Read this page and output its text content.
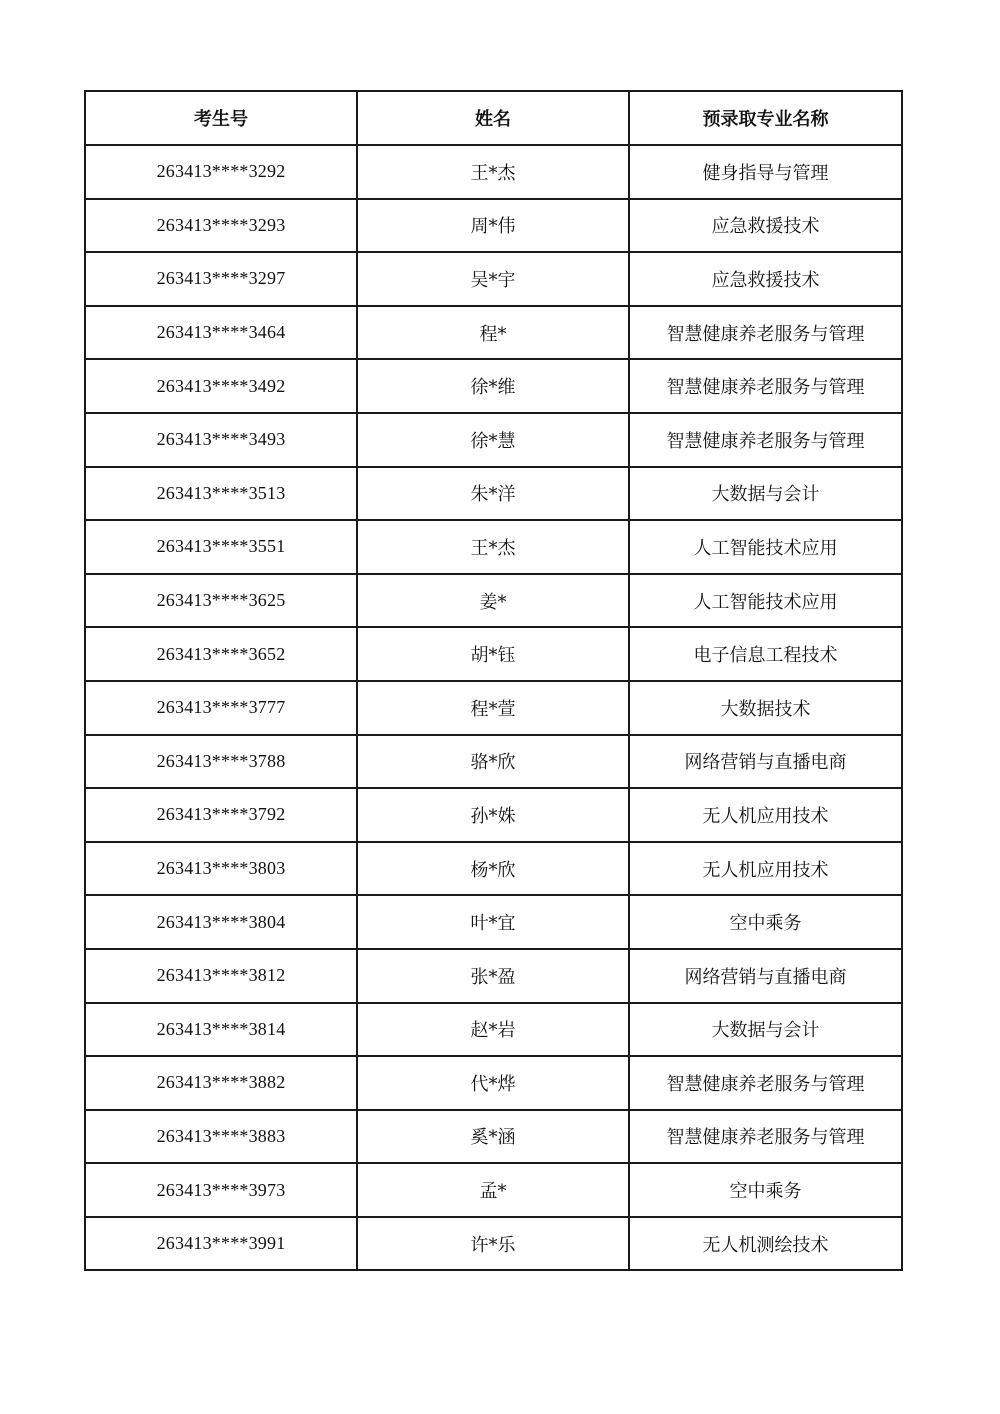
考生号	姓名	预录取专业名称
263413****3292	王*杰	健身指导与管理
263413****3293	周*伟	应急救援技术
263413****3297	吴*宇	应急救援技术
263413****3464	程*	智慧健康养老服务与管理
263413****3492	徐*维	智慧健康养老服务与管理
263413****3493	徐*慧	智慧健康养老服务与管理
263413****3513	朱*洋	大数据与会计
263413****3551	王*杰	人工智能技术应用
263413****3625	姜*	人工智能技术应用
263413****3652	胡*钰	电子信息工程技术
263413****3777	程*萱	大数据技术
263413****3788	骆*欣	网络营销与直播电商
263413****3792	孙*姝	无人机应用技术
263413****3803	杨*欣	无人机应用技术
263413****3804	叶*宜	空中乘务
263413****3812	张*盈	网络营销与直播电商
263413****3814	赵*岩	大数据与会计
263413****3882	代*烨	智慧健康养老服务与管理
263413****3883	奚*涵	智慧健康养老服务与管理
263413****3973	孟*	空中乘务
263413****3991	许*乐	无人机测绘技术
